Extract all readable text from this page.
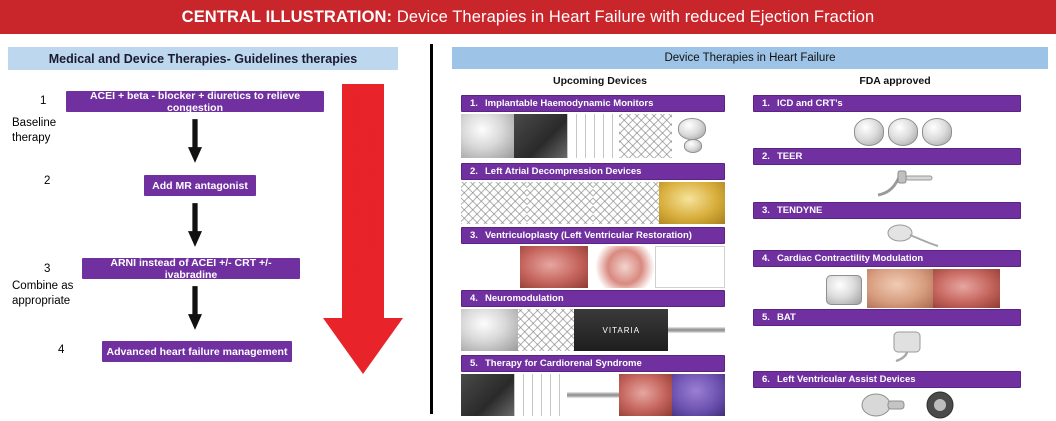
CENTRAL ILLUSTRATION: Device Therapies in Heart Failure with reduced Ejection Fraction
Medical and Device Therapies- Guidelines therapies
1
Baseline therapy
ACEI + beta - blocker + diuretics to relieve congestion
2	Add MR antagonist
3
Combine as appropriate
ARNI instead of ACEI +/- CRT +/- ivabradine
4	Advanced heart failure management
If symptomatic and LVEF ≤35%, proceed to next step
Device Therapies in Heart Failure
Upcoming Devices	FDA approved
1. Implantable Haemodynamic Monitors
2. Left Atrial Decompression Devices
3. Ventriculoplasty (Left Ventricular Restoration)
4. Neuromodulation
VITARIA
5. Therapy for Cardiorenal Syndrome
1. ICD and CRT’s
2. TEER
3. TENDYNE
4. Cardiac Contractility Modulation
5. BAT
6. Left Ventricular Assist Devices
